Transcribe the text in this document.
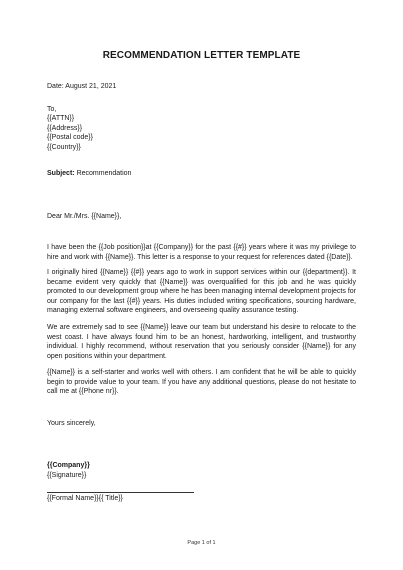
RECOMMENDATION LETTER TEMPLATE
Date: August 21, 2021
To,
{{ATTN}}
{{Address}}
{{Postal code}}
{{Country}}
Subject: Recommendation
Dear Mr./Mrs. {{Name}},
I have been the {{Job position}}at {{Company}} for the past {{#}} years where it was my privilege to hire and work with {{Name}}. This letter is a response to your request for references dated {{Date}}.
I originally hired {{Name}} {{#}} years ago to work in support services within our {{department}}. It became evident very quickly that {{Name}} was overqualified for this job and he was quickly promoted to our development group where he has been managing internal development projects for our company for the last {{#}} years. His duties included writing specifications, sourcing hardware, managing external software engineers, and overseeing quality assurance testing.
We are extremely sad to see {{Name}} leave our team but understand his desire to relocate to the west coast. I have always found him to be an honest, hardworking, intelligent, and trustworthy individual. I highly recommend, without reservation that you seriously consider {{Name}} for any open positions within your department.
{{Name}} is a self-starter and works well with others. I am confident that he will be able to quickly begin to provide value to your team. If you have any additional questions, please do not hesitate to call me at {{Phone nr}}.
Yours sincerely,
{{Company}}
{{Signature}}
{{Formal Name}}{{ Title}}
Page 1 of 1
